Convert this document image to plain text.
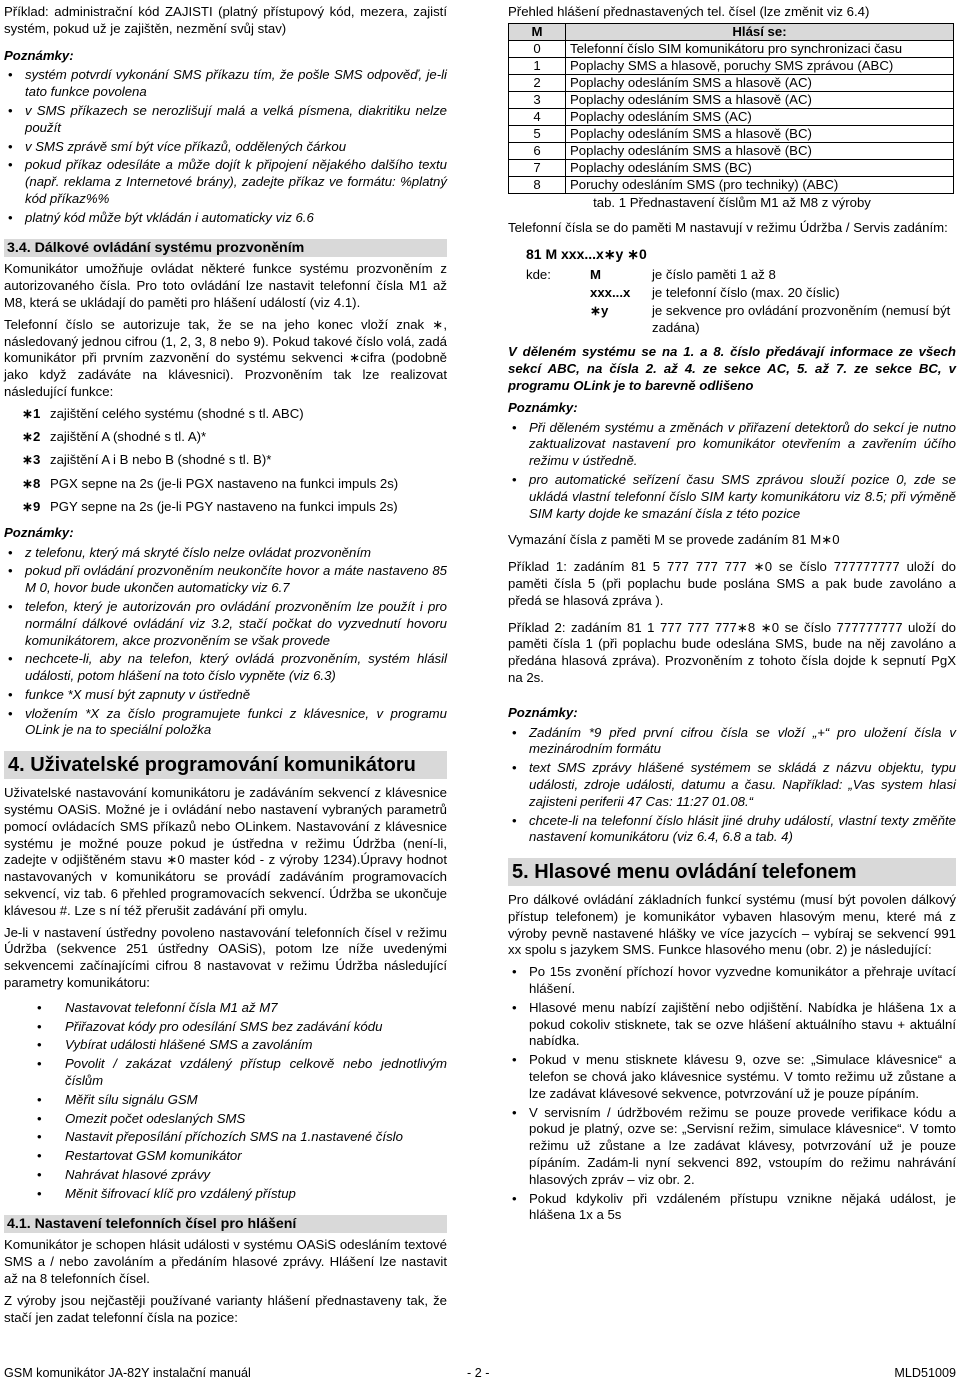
Příklad: administrační kód ZAJISTI (platný přístupový kód, mezera, zajistí systém, pokud už je zajištěn, nezmění svůj stav)

Poznámky:
• systém potvrdí vykonání SMS příkazu tím, že pošle SMS odpověď, je-li tato funkce povolena
• v SMS příkazech se nerozlišují malá a velká písmena, diakritiku nelze použít
• v SMS zprávě smí být více příkazů, oddělených čárkou
• pokud příkaz odesíláte a může dojít k připojení nějakého dalšího textu (např. reklama z Internetové brány), zadejte příkaz ve formátu: %platný kód příkaz%%
• platný kód může být vkládán i automaticky viz 6.6
3.4. Dálkové ovládání systému prozvoněním

Komunikátor umožňuje ovládat některé funkce systému prozvoněním z autorizovaného čísla. Pro toto ovládání lze nastavit telefonní čísla M1 až M8, která se ukládají do paměti pro hlášení událostí (viz 4.1).

Telefonní číslo se autorizuje tak, že se na jeho konec vloží znak ∗, následovaný jednou cifrou (1, 2, 3, 8 nebo 9). Pokud takové číslo volá, zadá komunikátor při prvním zazvonění do systému sekvenci ∗cifra (podobně jako když zadáváte na klávesnici). Prozvoněním tak lze realizovat následující funkce:

∗1 zajištění celého systému (shodné s tl. ABC)
∗2 zajištění A (shodné s tl. A)*
∗3 zajištění A i B nebo B (shodné s tl. B)*
∗8 PGX sepne na 2s (je-li PGX nastaveno na funkci impuls 2s)
∗9 PGY sepne na 2s (je-li PGY nastaveno na funkci impuls 2s)
Poznámky:
• z telefonu, který má skryté číslo nelze ovládat prozvoněním
• pokud při ovládání prozvoněním neukončíte hovor a máte nastaveno 85 M 0, hovor bude ukončen automaticky viz 6.7
• telefon, který je autorizován pro ovládání prozvoněním lze použít i pro normální dálkové ovládání viz 3.2, stačí počkat do vyzvednutí hovoru komunikátorem, akce prozvoněním se však provede
• nechcete-li, aby na telefon, který ovládá prozvoněním, systém hlásil události, potom hlášení na toto číslo vypněte (viz 6.3)
• funkce *X musí být zapnuty v ústředně
• vložením *X za číslo programujete funkci z klávesnice, v programu OLink je na to speciální položka
4. Uživatelské programování komunikátoru

Uživatelské nastavování komunikátoru je zadáváním sekvencí z klávesnice systému OASiS. Možné je i ovládání nebo nastavení vybraných parametrů pomocí ovládacích SMS příkazů nebo OLinkem. Nastavování z klávesnice systému je možné pouze pokud je ústředna v režimu Údržba (není-li, zadejte v odjištěném stavu ∗0 master kód - z výroby 1234).Úpravy hodnot nastavovaných v komunikátoru se provádí zadáváním programovacích sekvencí, viz tab. 6 přehled programovacích sekvencí. Údržba se ukončuje klávesou #. Lze s ní též přerušit zadávání při omylu.

Je-li v nastavení ústředny povoleno nastavování telefonních čísel v režimu Údržba (sekvence 251 ústředny OASiS), potom lze níže uvedenými sekvencemi začínajícími cifrou 8 nastavovat v režimu Údržba následující parametry komunikátoru:

• Nastavovat telefonní čísla M1 až M7
• Přiřazovat kódy pro odesílání SMS bez zadávání kódu
• Vybírat události hlášené SMS a zavoláním
• Povolit / zakázat vzdálený přístup celkově nebo jednotlivým číslům
• Měřit sílu signálu GSM
• Omezit počet odeslaných SMS
• Nastavit přeposílání příchozích SMS na 1.nastavené číslo
• Restartovat GSM komunikátor
• Nahrávat hlasové zprávy
• Měnit šifrovací klíč pro vzdálený přístup
4.1. Nastavení telefonních čísel pro hlášení

Komunikátor je schopen hlásit události v systému OASiS odesláním textové SMS a / nebo zavoláním a předáním hlasové zprávy. Hlášení lze nastavit až na 8 telefonních čísel.

Z výroby jsou nejčastěji používané varianty hlášení přednastaveny tak, že stačí jen zadat telefonní čísla na pozice:

Přehled hlášení přednastavených tel. čísel (lze změnit viz 6.4)
M	Hlásí se:
0	Telefonní číslo SIM komunikátoru pro synchronizaci času
1	Poplachy SMS a hlasově, poruchy SMS zprávou (ABC)
2	Poplachy odesláním SMS a hlasově (AC)
3	Poplachy odesláním SMS a hlasově (AC)
4	Poplachy odesláním SMS (AC)
5	Poplachy odesláním SMS a hlasově (BC)
6	Poplachy odesláním SMS a hlasově (BC)
7	Poplachy odesláním SMS (BC)
8	Poruchy odesláním SMS (pro techniky) (ABC)
tab. 1 Přednastavení číslům M1 až M8 z výroby

Telefonní čísla se do paměti M nastavují v režimu Údržba / Servis zadáním:

81 M xxx...x∗y ∗0
kde:	M	je číslo paměti 1 až 8
xxx...x	je telefonní číslo (max. 20 číslic)
∗y	je sekvence pro ovládání prozvoněním (nemusí být zadána)

V děleném systému se na 1. a 8. číslo předávají informace ze všech sekcí ABC, na čísla 2. až 4. ze sekce AC, 5. až 7. ze sekce BC, v programu OLink je to barevně odlišeno

Poznámky:
• Při děleném systému a změnách v přiřazení detektorů do sekcí je nutno zaktualizovat nastavení pro komunikátor otevřením a zavřením účího režimu v ústředně.
• pro automatické seřízení času SMS zprávou slouží pozice 0, zde se ukládá vlastní telefonní číslo SIM karty komunikátoru viz 8.5; při výměně SIM karty dojde ke smazání čísla z této pozice

Vymazání čísla z paměti M se provede zadáním 81 M∗0

Příklad 1: zadáním 81 5 777 777 777 ∗0 se číslo 777777777 uloží do paměti čísla 5 (při poplachu bude poslána SMS a pak bude zavoláno a předá se hlasová zpráva ).

Příklad 2: zadáním 81 1 777 777 777∗8 ∗0 se číslo 777777777 uloží do paměti čísla 1 (při poplachu bude odeslána SMS, bude na něj zavoláno a předána hlasová zpráva). Prozvoněním z tohoto čísla dojde k sepnutí PgX na 2s.

Poznámky:
• Zadáním *9 před první cifrou čísla se vloží „+“ pro uložení čísla v mezinárodním formátu
• text SMS zprávy hlášené systémem se skládá z názvu objektu, typu události, zdroje události, datumu a času. Například: „Vas system hlasi zajisteni periferii 47 Cas: 11:27 01.08.“
• chcete-li na telefonní číslo hlásit jiné druhy událostí, vlastní texty změňte nastavení komunikátoru (viz 6.4, 6.8 a tab. 4)
5. Hlasové menu ovládání telefonem

Pro dálkové ovládání základních funkcí systému (musí být povolen dálkový přístup telefonem) je komunikátor vybaven hlasovým menu, které má z výroby pevně nastavené hlášky ve více jazycích – vybíraj se sekvencí 991 xx spolu s jazykem SMS. Funkce hlasového menu (obr. 2) je následující:

• Po 15s zvonění příchozí hovor vyzvedne komunikátor a přehraje uvítací hlášení.
• Hlasové menu nabízí zajištění nebo odjištění. Nabídka je hlášena 1x a pokud cokoliv stisknete, tak se ozve hlášení aktuálního stavu + aktuální nabídka.
• Pokud v menu stisknete klávesu 9, ozve se: „Simulace klávesnice“ a telefon se chová jako klávesnice systému. V tomto režimu už zůstane a lze zadávat klávesové sekvence, potvrzování už je pouze pípáním.
• V servisním / údržbovém režimu se pouze provede verifikace kódu a pokud je platný, ozve se: „Servisní režim, simulace klávesnice“. V tomto režimu už zůstane a lze zadávat klávesy, potvrzování už je pouze pípáním. Zadám-li nyní sekvenci 892, vstoupím do režimu nahrávání hlasových zpráv – viz obr. 2.
• Pokud kdykoliv při vzdáleném přístupu vznikne nějaká událost, je hlášena 1x a 5s
GSM komunikátor JA-82Y instalační manuál	- 2 -	MLD51009
